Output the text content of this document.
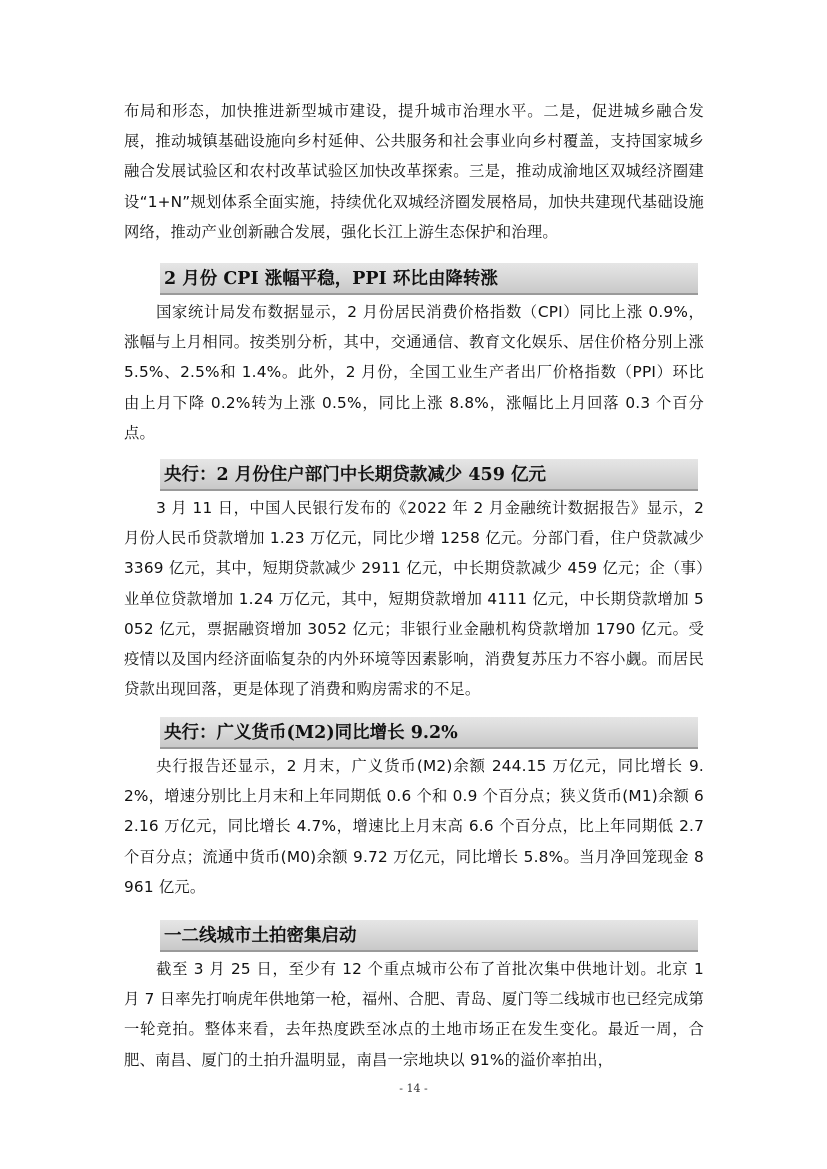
布局和形态，加快推进新型城市建设，提升城市治理水平。二是，促进城乡融合发展，推动城镇基础设施向乡村延伸、公共服务和社会事业向乡村覆盖，支持国家城乡融合发展试验区和农村改革试验区加快改革探索。三是，推动成渝地区双城经济圈建设“1+N”规划体系全面实施，持续优化双城经济圈发展格局，加快共建现代基础设施网络，推动产业创新融合发展，强化长江上游生态保护和治理。

2 月份 CPI 涨幅平稳，PPI 环比由降转涨

国家统计局发布数据显示，2 月份居民消费价格指数（CPI）同比上涨 0.9%，涨幅与上月相同。按类别分析，其中，交通通信、教育文化娱乐、居住价格分别上涨 5.5%、2.5%和 1.4%。此外，2 月份，全国工业生产者出厂价格指数（PPI）环比由上月下降 0.2%转为上涨 0.5%，同比上涨 8.8%，涨幅比上月回落 0.3 个百分点。

央行：2 月份住户部门中长期贷款减少 459 亿元

3 月 11 日，中国人民银行发布的《2022 年 2 月金融统计数据报告》显示，2 月份人民币贷款增加 1.23 万亿元，同比少增 1258 亿元。分部门看，住户贷款减少 3369 亿元，其中，短期贷款减少 2911 亿元，中长期贷款减少 459 亿元；企（事）业单位贷款增加 1.24 万亿元，其中，短期贷款增加 4111 亿元，中长期贷款增加 5052 亿元，票据融资增加 3052 亿元；非银行业金融机构贷款增加 1790 亿元。受疫情以及国内经济面临复杂的内外环境等因素影响，消费复苏压力不容小觑。而居民贷款出现回落，更是体现了消费和购房需求的不足。

央行：广义货币(M2)同比增长 9.2%

央行报告还显示，2 月末，广义货币(M2)余额 244.15 万亿元，同比增长 9.2%，增速分别比上月末和上年同期低 0.6 个和 0.9 个百分点；狭义货币(M1)余额 62.16 万亿元，同比增长 4.7%，增速比上月末高 6.6 个百分点，比上年同期低 2.7 个百分点；流通中货币(M0)余额 9.72 万亿元，同比增长 5.8%。当月净回笼现金 8961 亿元。

一二线城市土拍密集启动

截至 3 月 25 日，至少有 12 个重点城市公布了首批次集中供地计划。北京 1 月 7 日率先打响虎年供地第一枪，福州、合肥、青岛、厦门等二线城市也已经完成第一轮竞拍。整体来看，去年热度跌至冰点的土地市场正在发生变化。最近一周，合肥、南昌、厦门的土拍升温明显，南昌一宗地块以 91%的溢价率拍出，

- 14 -
